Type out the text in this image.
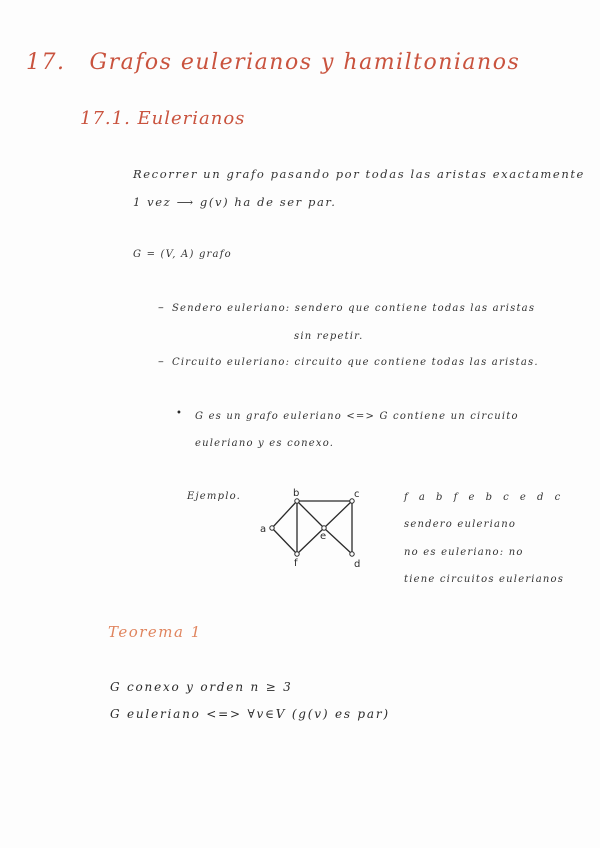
17. Grafos eulerianos y hamiltonianos
17.1. Eulerianos
Recorrer un grafo pasando por todas las aristas exactamente
1 vez ⟶ g(v) ha de ser par.
G = (V, A) grafo
– Sendero euleriano: sendero que contiene todas las aristas
sin repetir.
– Circuito euleriano: circuito que contiene todas las aristas.
• G es un grafo euleriano <=> G contiene un circuito
euleriano y es conexo.
Ejemplo.	b	c
a
e
f	d
f a b f e b c e d c
sendero euleriano
no es euleriano: no
tiene circuitos eulerianos
Teorema 1
G conexo y orden n ≥ 3
G euleriano <=> ∀v∈V (g(v) es par)
